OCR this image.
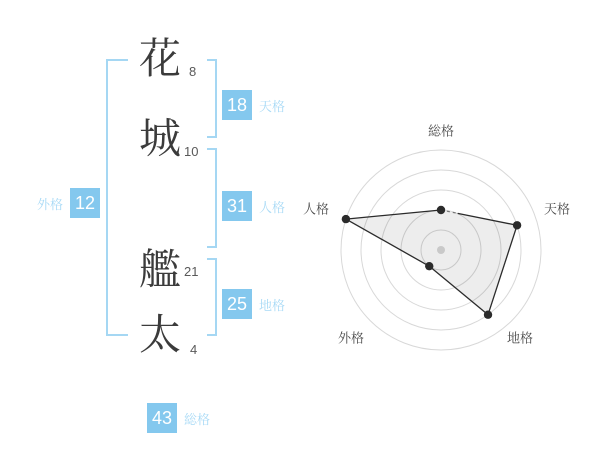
花
城
艦
太
8
10
21
4
外格 12
18 天格
31 人格
25 地格
43 総格
総格
天格
地格
外格
人格
